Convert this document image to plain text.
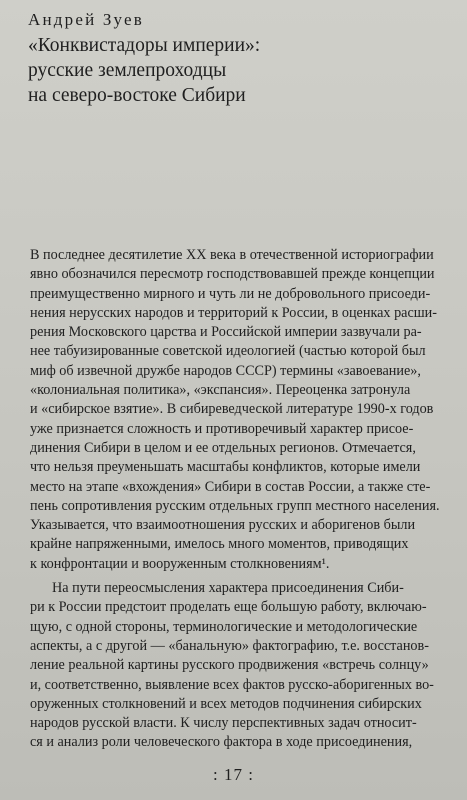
Андрей Зуев
«Конквистадоры империи»:
русские землепроходцы
на северо-востоке Сибири
В последнее десятилетие XX века в отечественной историографии
явно обозначился пересмотр господствовавшей прежде концепции
преимущественно мирного и чуть ли не добровольного присоеди-
нения нерусских народов и территорий к России, в оценках расши-
рения Московского царства и Российской империи зазвучали ра-
нее табуизированные советской идеологией (частью которой был
миф об извечной дружбе народов СССР) термины «завоевание»,
«колониальная политика», «экспансия». Переоценка затронула
и «сибирское взятие». В сибиреведческой литературе 1990-х годов
уже признается сложность и противоречивый характер присое-
динения Сибири в целом и ее отдельных регионов. Отмечается,
что нельзя преуменьшать масштабы конфликтов, которые имели
место на этапе «вхождения» Сибири в состав России, а также сте-
пень сопротивления русским отдельных групп местного населения.
Указывается, что взаимоотношения русских и аборигенов были
крайне напряженными, имелось много моментов, приводящих
к конфронтации и вооруженным столкновениям¹.
На пути переосмысления характера присоединения Сиби-
ри к России предстоит проделать еще большую работу, включаю-
щую, с одной стороны, терминологические и методологические
аспекты, а с другой — «банальную» фактографию, т.е. восстанов-
ление реальной картины русского продвижения «встречь солнцу»
и, соответственно, выявление всех фактов русско-аборигенных во-
оруженных столкновений и всех методов подчинения сибирских
народов русской власти. К числу перспективных задач относит-
ся и анализ роли человеческого фактора в ходе присоединения,
: 17 :
